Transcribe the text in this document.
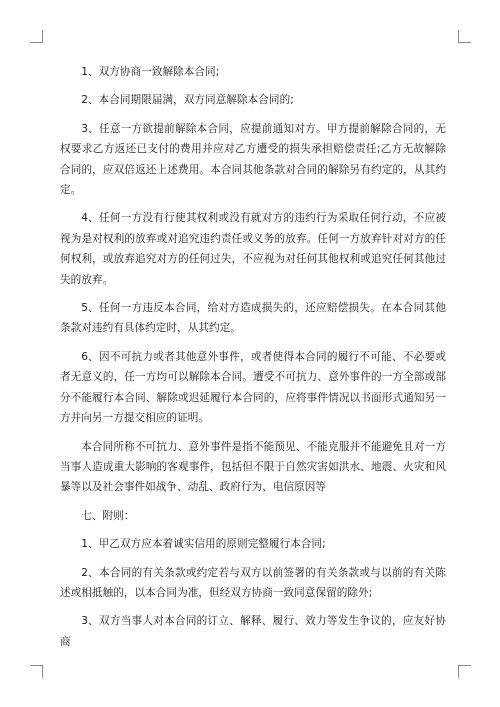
1、双方协商一致解除本合同;

2、本合同期限届满，双方同意解除本合同的;

3、任意一方欲提前解除本合同，应提前通知对方。甲方提前解除合同的，无权要求乙方返还已支付的费用并应对乙方遭受的损失承担赔偿责任;乙方无故解除合同的，应双倍返还上述费用。本合同其他条款对合同的解除另有约定的，从其约定。

4、任何一方没有行使其权利或没有就对方的违约行为采取任何行动，不应被视为是对权利的放弃或对追究违约责任或义务的放弃。任何一方放弃针对对方的任何权利，或放弃追究对方的任何过失，不应视为对任何其他权利或追究任何其他过失的放弃。

5、任何一方违反本合同，给对方造成损失的，还应赔偿损失。在本合同其他条款对违约有具体约定时，从其约定。

6、因不可抗力或者其他意外事件，或者使得本合同的履行不可能、不必要或者无意义的，任一方均可以解除本合同。遭受不可抗力、意外事件的一方全部或部分不能履行本合同、解除或迟延履行本合同的，应将事件情况以书面形式通知另一方并向另一方提交相应的证明。

本合同所称不可抗力、意外事件是指不能预见、不能克服并不能避免且对一方当事人造成重大影响的客观事件，包括但不限于自然灾害如洪水、地震、火灾和风暴等以及社会事件如战争、动乱、政府行为、电信原因等

七、附则：

1、甲乙双方应本着诚实信用的原则完整履行本合同;

2、本合同的有关条款或约定若与双方以前签署的有关条款或与以前的有关陈述或相抵触的，以本合同为准，但经双方协商一致同意保留的除外;

3、双方当事人对本合同的订立、解释、履行、效力等发生争议的，应友好协商
